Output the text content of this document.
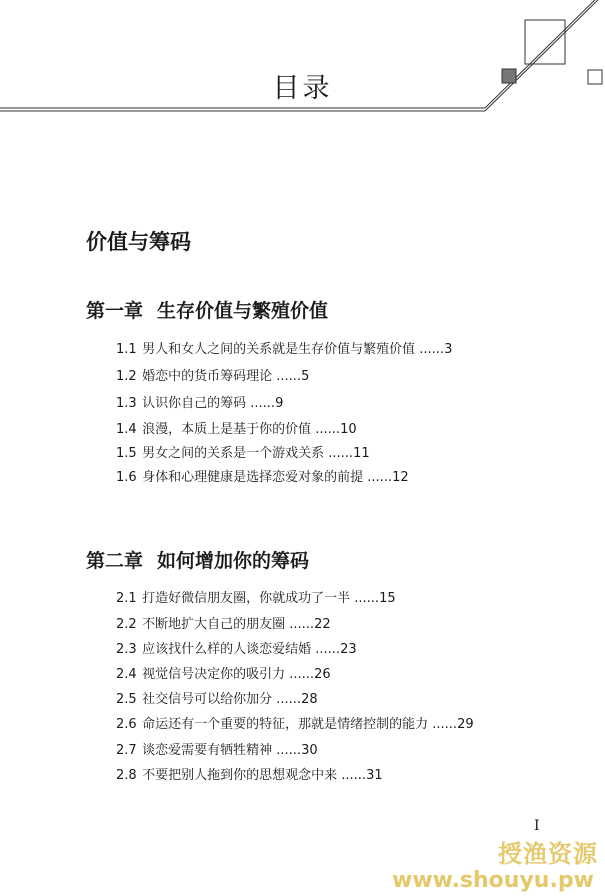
目录
价值与筹码
第一章 生存价值与繁殖价值
1.1 男人和女人之间的关系就是生存价值与繁殖价值 ......3
1.2 婚恋中的货币筹码理论 ......5
1.3 认识你自己的筹码 ......9
1.4 浪漫，本质上是基于你的价值 ......10
1.5 男女之间的关系是一个游戏关系 ......11
1.6 身体和心理健康是选择恋爱对象的前提 ......12
第二章 如何增加你的筹码
2.1 打造好微信朋友圈，你就成功了一半 ......15
2.2 不断地扩大自己的朋友圈 ......22
2.3 应该找什么样的人谈恋爱结婚 ......23
2.4 视觉信号决定你的吸引力 ......26
2.5 社交信号可以给你加分 ......28
2.6 命运还有一个重要的特征，那就是情绪控制的能力 ......29
2.7 谈恋爱需要有牺牲精神 ......30
2.8 不要把别人拖到你的思想观念中来 ......31
I
授渔资源
www.shouyu.pw
